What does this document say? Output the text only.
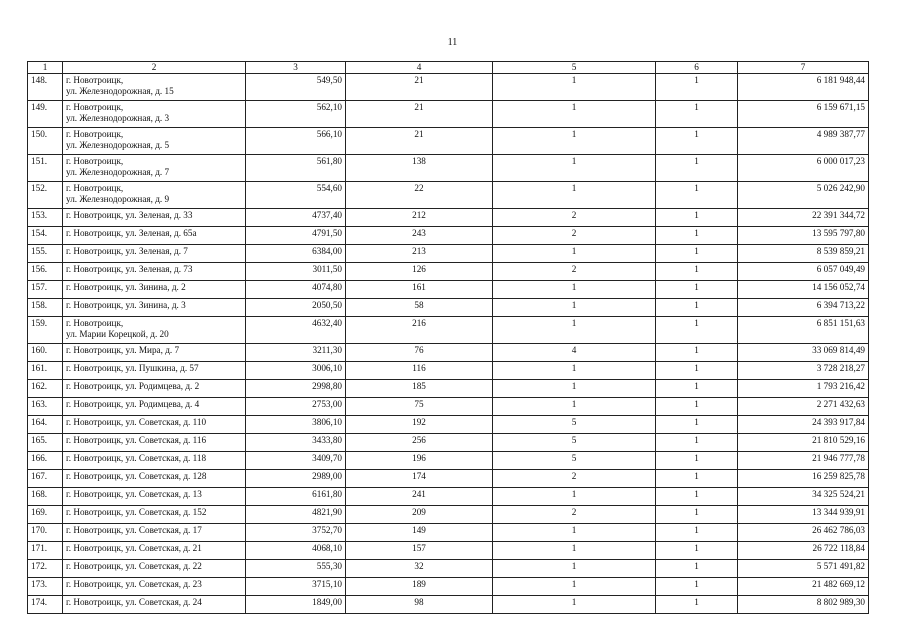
11
1	2	3	4	5	6	7
148.	г. Новотроицк,
ул. Железнодорожная, д. 15	549,50	21	1	1	6 181 948,44
149.	г. Новотроицк,
ул. Железнодорожная, д. 3	562,10	21	1	1	6 159 671,15
150.	г. Новотроицк,
ул. Железнодорожная, д. 5	566,10	21	1	1	4 989 387,77
151.	г. Новотроицк,
ул. Железнодорожная, д. 7	561,80	138	1	1	6 000 017,23
152.	г. Новотроицк,
ул. Железнодорожная, д. 9	554,60	22	1	1	5 026 242,90
153.	г. Новотроицк, ул. Зеленая, д. 33	4737,40	212	2	1	22 391 344,72
154.	г. Новотроицк, ул. Зеленая, д. 65а	4791,50	243	2	1	13 595 797,80
155.	г. Новотроицк, ул. Зеленая, д. 7	6384,00	213	1	1	8 539 859,21
156.	г. Новотроицк, ул. Зеленая, д. 73	3011,50	126	2	1	6 057 049,49
157.	г. Новотроицк, ул. Зинина, д. 2	4074,80	161	1	1	14 156 052,74
158.	г. Новотроицк, ул. Зинина, д. 3	2050,50	58	1	1	6 394 713,22
159.	г. Новотроицк,
ул. Марии Корецкой, д. 20	4632,40	216	1	1	6 851 151,63
160.	г. Новотроицк, ул. Мира, д. 7	3211,30	76	4	1	33 069 814,49
161.	г. Новотроицк, ул. Пушкина, д. 57	3006,10	116	1	1	3 728 218,27
162.	г. Новотроицк, ул. Родимцева, д. 2	2998,80	185	1	1	1 793 216,42
163.	г. Новотроицк, ул. Родимцева, д. 4	2753,00	75	1	1	2 271 432,63
164.	г. Новотроицк, ул. Советская, д. 110	3806,10	192	5	1	24 393 917,84
165.	г. Новотроицк, ул. Советская, д. 116	3433,80	256	5	1	21 810 529,16
166.	г. Новотроицк, ул. Советская, д. 118	3409,70	196	5	1	21 946 777,78
167.	г. Новотроицк, ул. Советская, д. 128	2989,00	174	2	1	16 259 825,78
168.	г. Новотроицк, ул. Советская, д. 13	6161,80	241	1	1	34 325 524,21
169.	г. Новотроицк, ул. Советская, д. 152	4821,90	209	2	1	13 344 939,91
170.	г. Новотроицк, ул. Советская, д. 17	3752,70	149	1	1	26 462 786,03
171.	г. Новотроицк, ул. Советская, д. 21	4068,10	157	1	1	26 722 118,84
172.	г. Новотроицк, ул. Советская, д. 22	555,30	32	1	1	5 571 491,82
173.	г. Новотроицк, ул. Советская, д. 23	3715,10	189	1	1	21 482 669,12
174.	г. Новотроицк, ул. Советская, д. 24	1849,00	98	1	1	8 802 989,30
